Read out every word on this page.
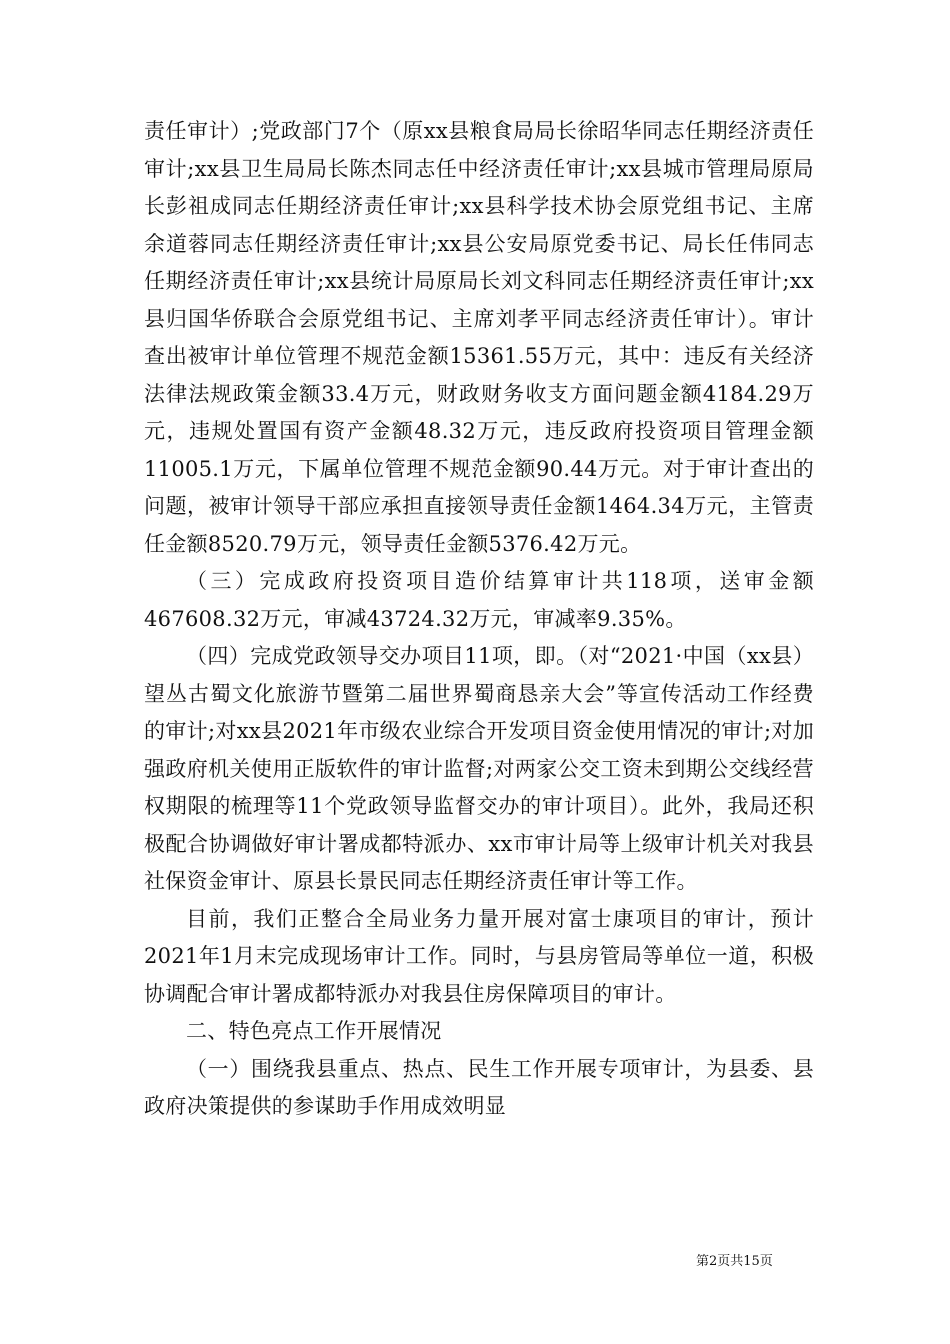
责任审计）;党政部门7个（原xx县粮食局局长徐昭华同志任期经济责任审计;xx县卫生局局长陈杰同志任中经济责任审计;xx县城市管理局原局长彭祖成同志任期经济责任审计;xx县科学技术协会原党组书记、主席余道蓉同志任期经济责任审计;xx县公安局原党委书记、局长任伟同志任期经济责任审计;xx县统计局原局长刘文科同志任期经济责任审计;xx县归国华侨联合会原党组书记、主席刘孝平同志经济责任审计）。审计查出被审计单位管理不规范金额15361.55万元，其中：违反有关经济法律法规政策金额33.4万元，财政财务收支方面问题金额4184.29万元，违规处置国有资产金额48.32万元，违反政府投资项目管理金额11005.1万元，下属单位管理不规范金额90.44万元。对于审计查出的问题，被审计领导干部应承担直接领导责任金额1464.34万元，主管责任金额8520.79万元，领导责任金额5376.42万元。

（三）完成政府投资项目造价结算审计共118项，送审金额467608.32万元，审减43724.32万元，审减率9.35%。

（四）完成党政领导交办项目11项，即。（对“2021·中国（xx县）望丛古蜀文化旅游节暨第二届世界蜀商恳亲大会”等宣传活动工作经费的审计;对xx县2021年市级农业综合开发项目资金使用情况的审计;对加强政府机关使用正版软件的审计监督;对两家公交工资未到期公交线经营权期限的梳理等11个党政领导监督交办的审计项目）。此外，我局还积极配合协调做好审计署成都特派办、xx市审计局等上级审计机关对我县社保资金审计、原县长景民同志任期经济责任审计等工作。

目前，我们正整合全局业务力量开展对富士康项目的审计，预计2021年1月末完成现场审计工作。同时，与县房管局等单位一道，积极协调配合审计署成都特派办对我县住房保障项目的审计。

二、特色亮点工作开展情况

（一）围绕我县重点、热点、民生工作开展专项审计，为县委、县政府决策提供的参谋助手作用成效明显

第2页共15页
